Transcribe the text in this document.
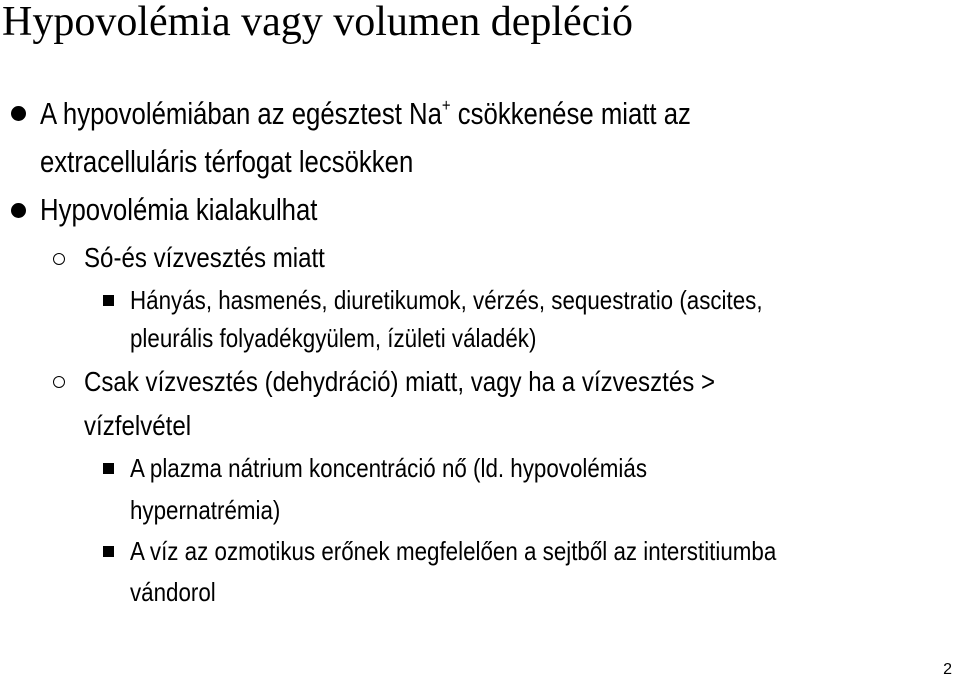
Hypovolémia vagy volumen depléció
A hypovolémiában az egésztest Na+ csökkenése miatt az
extracelluláris térfogat lecsökken
Hypovolémia kialakulhat
Só-és vízvesztés miatt
Hányás, hasmenés, diuretikumok, vérzés, sequestratio (ascites,
pleurális folyadékgyülem, ízületi váladék)
Csak vízvesztés (dehydráció) miatt, vagy ha a vízvesztés >
vízfelvétel
A plazma nátrium koncentráció nő (ld. hypovolémiás
hypernatrémia)
A víz az ozmotikus erőnek megfelelően a sejtből az interstitiumba
vándorol
2
